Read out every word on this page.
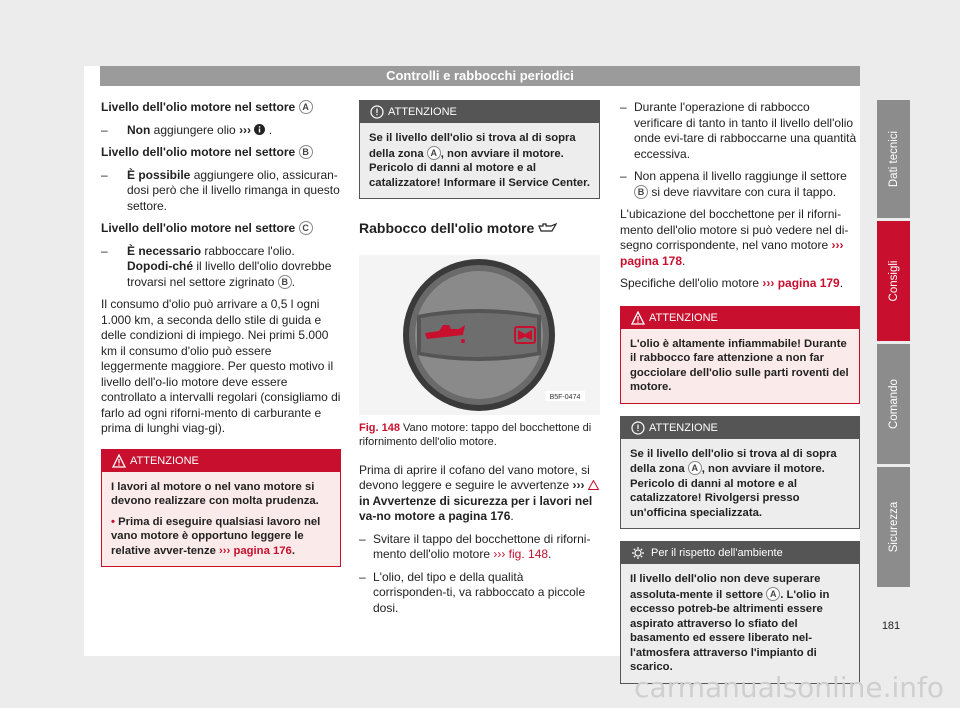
Controlli e rabbocchi periodici
Livello dell'olio motore nel settore A
–	Non aggiungere olio ›››  .
Livello dell'olio motore nel settore B
–	È possibile aggiungere olio, assicuran-dosi però che il livello rimanga in questo settore.
Livello dell'olio motore nel settore C
–	È necessario rabboccare l'olio. Dopodi-ché il livello dell'olio dovrebbe trovarsi nel settore zigrinato B .
Il consumo d'olio può arrivare a 0,5 l ogni 1.000 km, a seconda dello stile di guida e delle condizioni di impiego. Nei primi 5.000 km il consumo d'olio può essere leggermente maggiore. Per questo motivo il livello dell'o-lio motore deve essere controllato a intervalli regolari (consigliamo di farlo ad ogni riforni-mento di carburante e prima di lunghi viag-gi).
ATTENZIONE
I lavori al motore o nel vano motore si devono realizzare con molta prudenza.
• Prima di eseguire qualsiasi lavoro nel vano motore è opportuno leggere le relative avver-tenze ››› pagina 176.
ATTENZIONE
Se il livello dell'olio si trova al di sopra della zona A , non avviare il motore. Pericolo di danni al motore e al catalizzatore! Informare il Service Center.
Rabbocco dell'olio motore
B5F-0474
Fig. 148 Vano motore: tappo del bocchettone di rifornimento dell'olio motore.
Prima di aprire il cofano del vano motore, si devono leggere e seguire le avvertenze ›››  in Avvertenze di sicurezza per i lavori nel va-no motore a pagina 176.
– Svitare il tappo del bocchettone di riforni-mento dell'olio motore ››› fig. 148.
– L'olio, del tipo e della qualità corrisponden-ti, va rabboccato a piccole dosi.
– Durante l'operazione di rabbocco verificare di tanto in tanto il livello dell'olio onde evi-tare di rabboccarne una quantità eccessiva.
– Non appena il livello raggiunge il settore B si deve riavvitare con cura il tappo.
L'ubicazione del bocchettone per il riforni-mento dell'olio motore si può vedere nel di-segno corrispondente, nel vano motore ››› pagina 178.
Specifiche dell'olio motore ››› pagina 179.
ATTENZIONE
L'olio è altamente infiammabile! Durante il rabbocco fare attenzione a non far gocciolare dell'olio sulle parti roventi del motore.
ATTENZIONE
Se il livello dell'olio si trova al di sopra della zona A , non avviare il motore. Pericolo di danni al motore e al catalizzatore! Rivolgersi presso un'officina specializzata.
Per il rispetto dell'ambiente
Il livello dell'olio non deve superare assoluta-mente il settore A . L'olio in eccesso potreb-be altrimenti essere aspirato attraverso lo sfiato del basamento ed essere liberato nel-l'atmosfera attraverso l'impianto di scarico.
Dati tecnici
Consigli
Comando
Sicurezza
181
carmanualsonline.info
